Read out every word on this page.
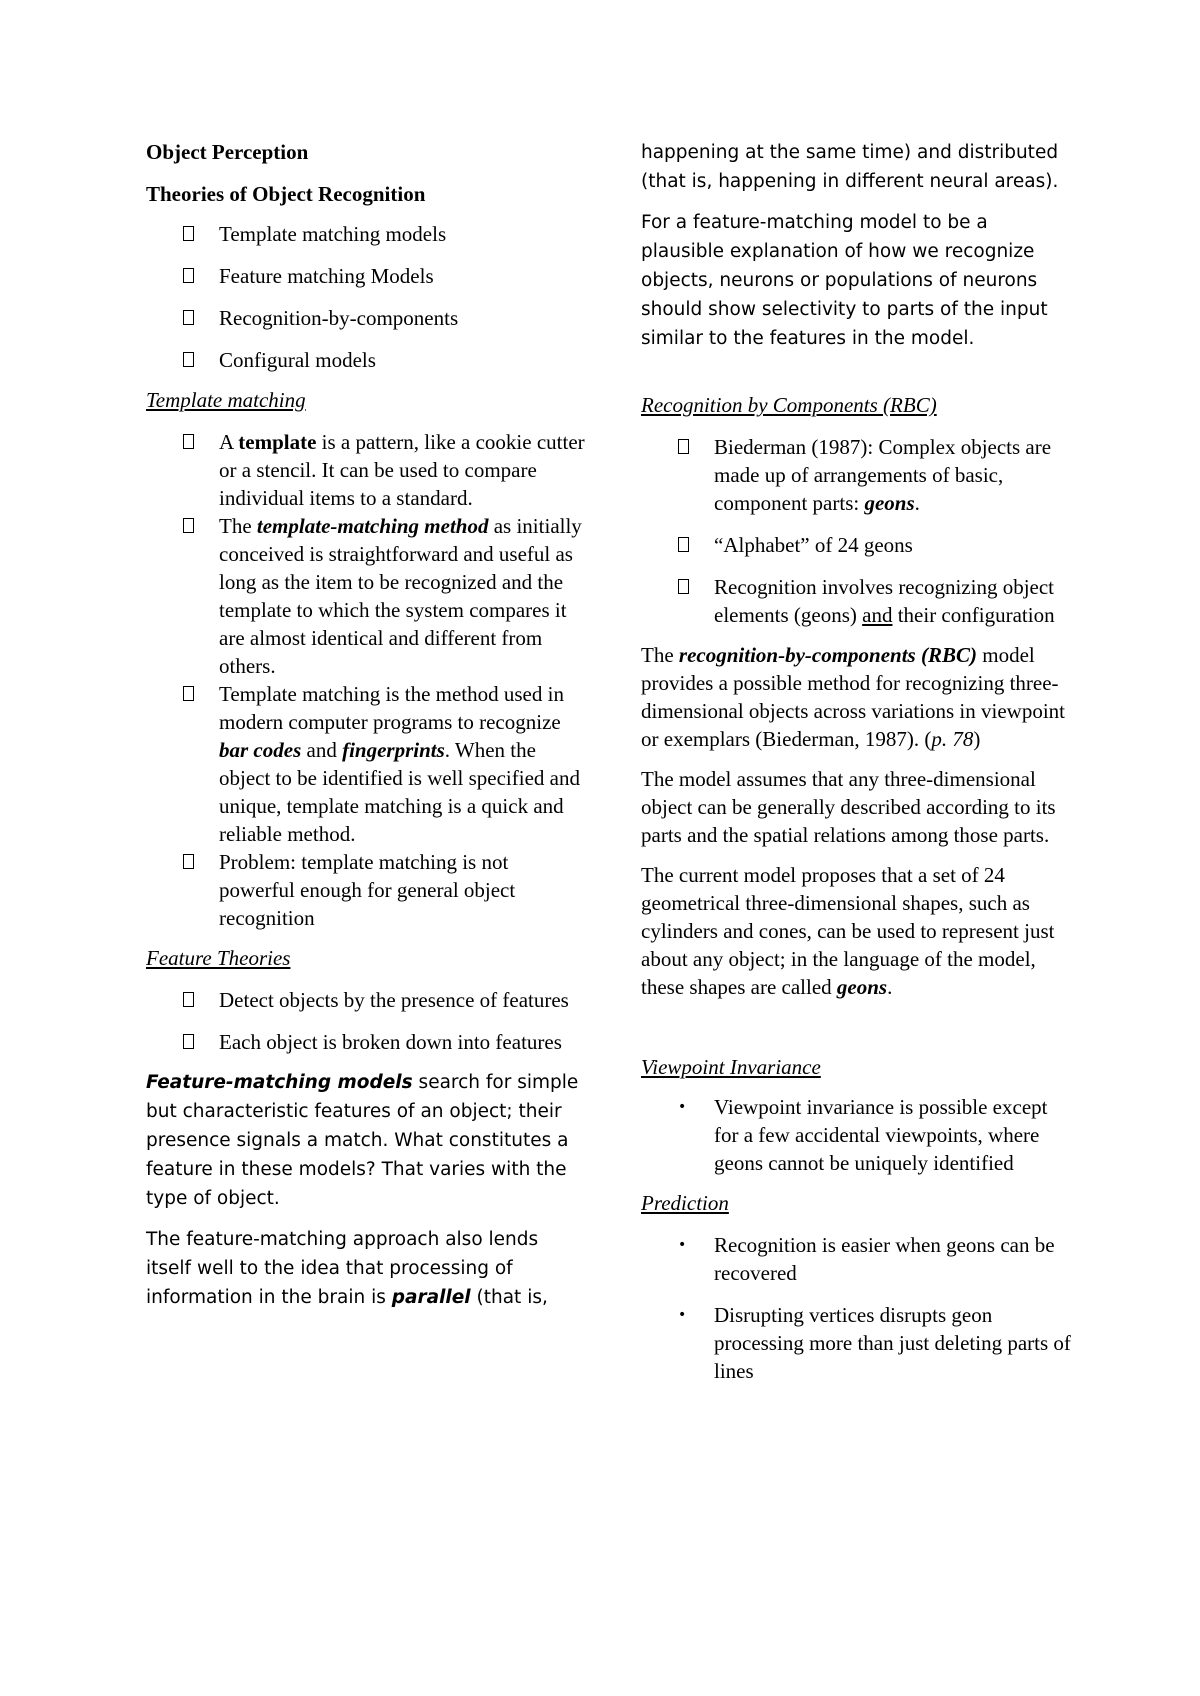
Object Perception

Theories of Object Recognition

Template matching models
Feature matching Models
Recognition-by-components
Configural models

Template matching

A template is a pattern, like a cookie cutter or a stencil. It can be used to compare individual items to a standard.
The template-matching method as initially conceived is straightforward and useful as long as the item to be recognized and the template to which the system compares it are almost identical and different from others.
Template matching is the method used in modern computer programs to recognize bar codes and fingerprints. When the object to be identified is well specified and unique, template matching is a quick and reliable method.
Problem: template matching is not powerful enough for general object recognition

Feature Theories

Detect objects by the presence of features
Each object is broken down into features

Feature-matching models search for simple but characteristic features of an object; their presence signals a match. What constitutes a feature in these models? That varies with the type of object.

The feature-matching approach also lends itself well to the idea that processing of information in the brain is parallel (that is,

happening at the same time) and distributed (that is, happening in different neural areas).

For a feature-matching model to be a plausible explanation of how we recognize objects, neurons or populations of neurons should show selectivity to parts of the input similar to the features in the model.

Recognition by Components (RBC)

Biederman (1987): Complex objects are made up of arrangements of basic, component parts: geons.
“Alphabet” of 24 geons
Recognition involves recognizing object elements (geons) and their configuration

The recognition-by-components (RBC) model provides a possible method for recognizing three-dimensional objects across variations in viewpoint or exemplars (Biederman, 1987). (p. 78)

The model assumes that any three-dimensional object can be generally described according to its parts and the spatial relations among those parts.

The current model proposes that a set of 24 geometrical three-dimensional shapes, such as cylinders and cones, can be used to represent just about any object; in the language of the model, these shapes are called geons.

Viewpoint Invariance

•	Viewpoint invariance is possible except for a few accidental viewpoints, where geons cannot be uniquely identified

Prediction

•	Recognition is easier when geons can be recovered
•	Disrupting vertices disrupts geon processing more than just deleting parts of lines
